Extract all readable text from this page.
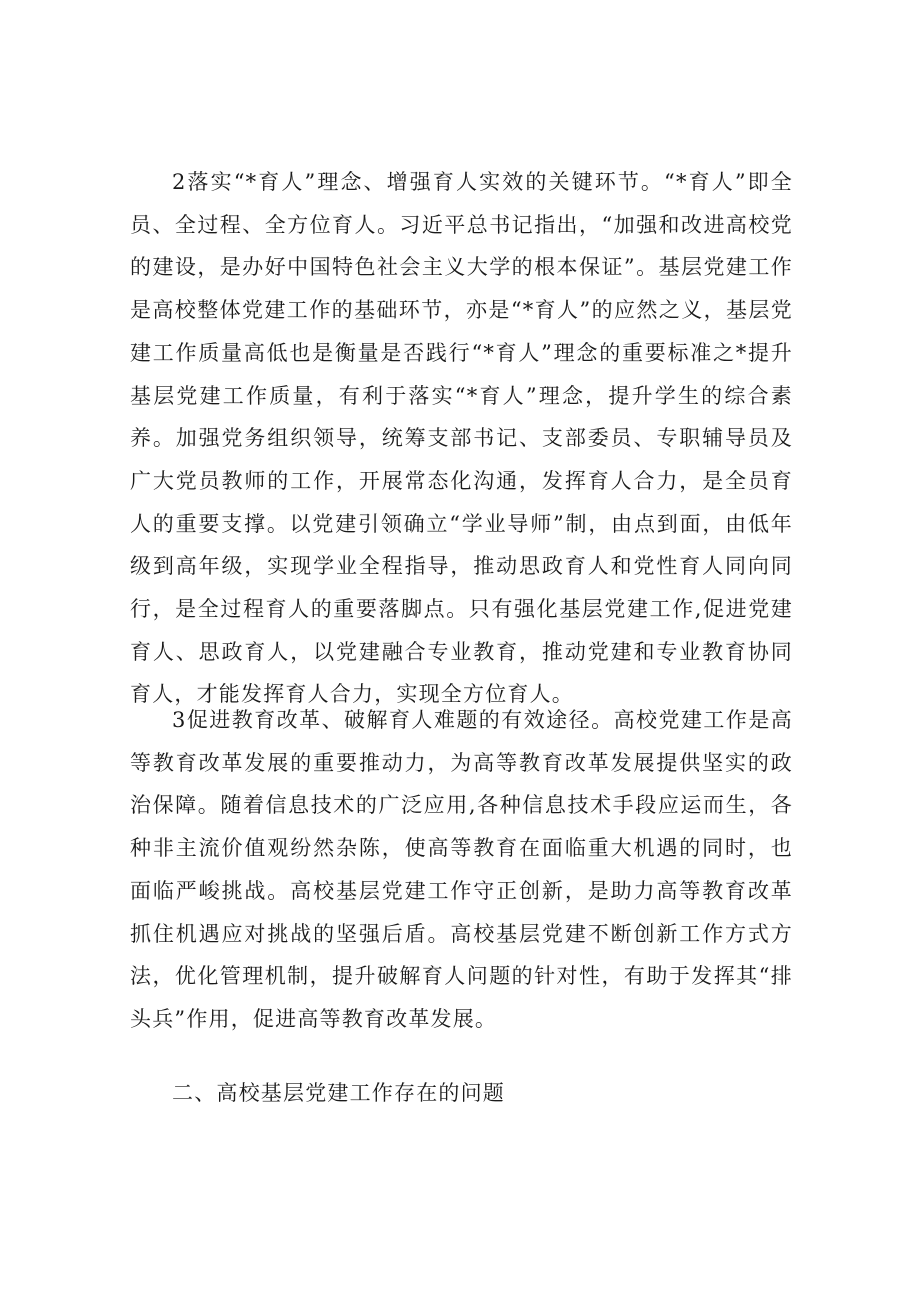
2落实“*育人”理念、增强育人实效的关键环节。“*育人”即全员、全过程、全方位育人。习近平总书记指出，“加强和改进高校党的建设，是办好中国特色社会主义大学的根本保证”。基层党建工作是高校整体党建工作的基础环节，亦是“*育人”的应然之义，基层党建工作质量高低也是衡量是否践行“*育人”理念的重要标准之*提升基层党建工作质量，有利于落实“*育人”理念，提升学生的综合素养。加强党务组织领导，统筹支部书记、支部委员、专职辅导员及广大党员教师的工作，开展常态化沟通，发挥育人合力，是全员育人的重要支撑。以党建引领确立“学业导师”制，由点到面，由低年级到高年级，实现学业全程指导，推动思政育人和党性育人同向同行，是全过程育人的重要落脚点。只有强化基层党建工作,促进党建育人、思政育人，以党建融合专业教育，推动党建和专业教育协同育人，才能发挥育人合力，实现全方位育人。

3促进教育改革、破解育人难题的有效途径。高校党建工作是高等教育改革发展的重要推动力，为高等教育改革发展提供坚实的政治保障。随着信息技术的广泛应用,各种信息技术手段应运而生，各种非主流价值观纷然杂陈，使高等教育在面临重大机遇的同时，也面临严峻挑战。高校基层党建工作守正创新，是助力高等教育改革抓住机遇应对挑战的坚强后盾。高校基层党建不断创新工作方式方法，优化管理机制，提升破解育人问题的针对性，有助于发挥其“排头兵”作用，促进高等教育改革发展。

二、高校基层党建工作存在的问题
